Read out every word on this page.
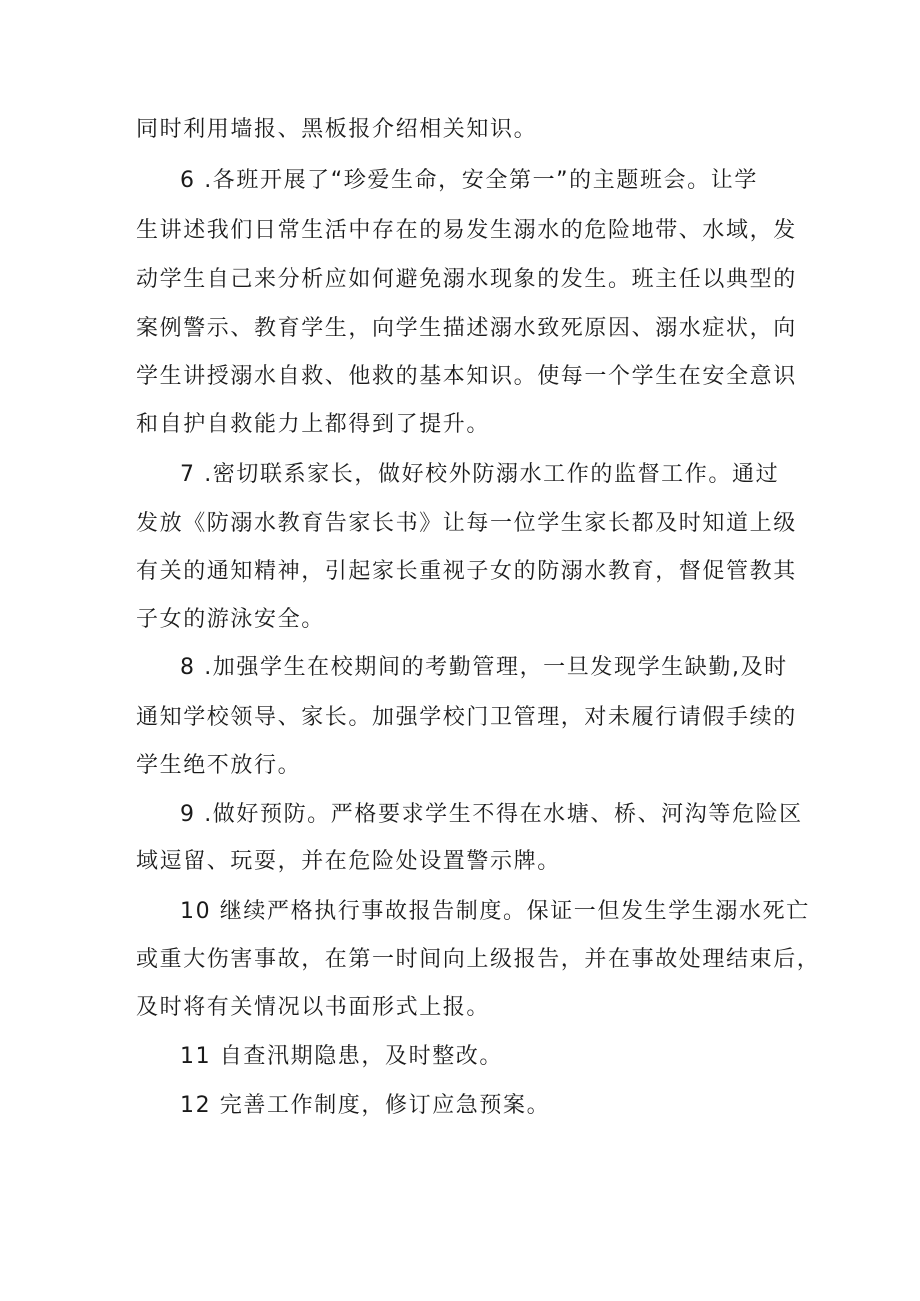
同时利用墙报、黑板报介绍相关知识。
6 .各班开展了“珍爱生命，安全第一”的主题班会。让学
生讲述我们日常生活中存在的易发生溺水的危险地带、水域，发
动学生自己来分析应如何避免溺水现象的发生。班主任以典型的
案例警示、教育学生，向学生描述溺水致死原因、溺水症状，向
学生讲授溺水自救、他救的基本知识。使每一个学生在安全意识
和自护自救能力上都得到了提升。
7 .密切联系家长，做好校外防溺水工作的监督工作。通过
发放《防溺水教育告家长书》让每一位学生家长都及时知道上级
有关的通知精神，引起家长重视子女的防溺水教育，督促管教其
子女的游泳安全。
8 .加强学生在校期间的考勤管理，一旦发现学生缺勤,及时
通知学校领导、家长。加强学校门卫管理，对未履行请假手续的
学生绝不放行。
9 .做好预防。严格要求学生不得在水塘、桥、河沟等危险区
域逗留、玩耍，并在危险处设置警示牌。
10 继续严格执行事故报告制度。保证一但发生学生溺水死亡
或重大伤害事故，在第一时间向上级报告，并在事故处理结束后，
及时将有关情况以书面形式上报。
11 自查汛期隐患，及时整改。
12 完善工作制度，修订应急预案。
